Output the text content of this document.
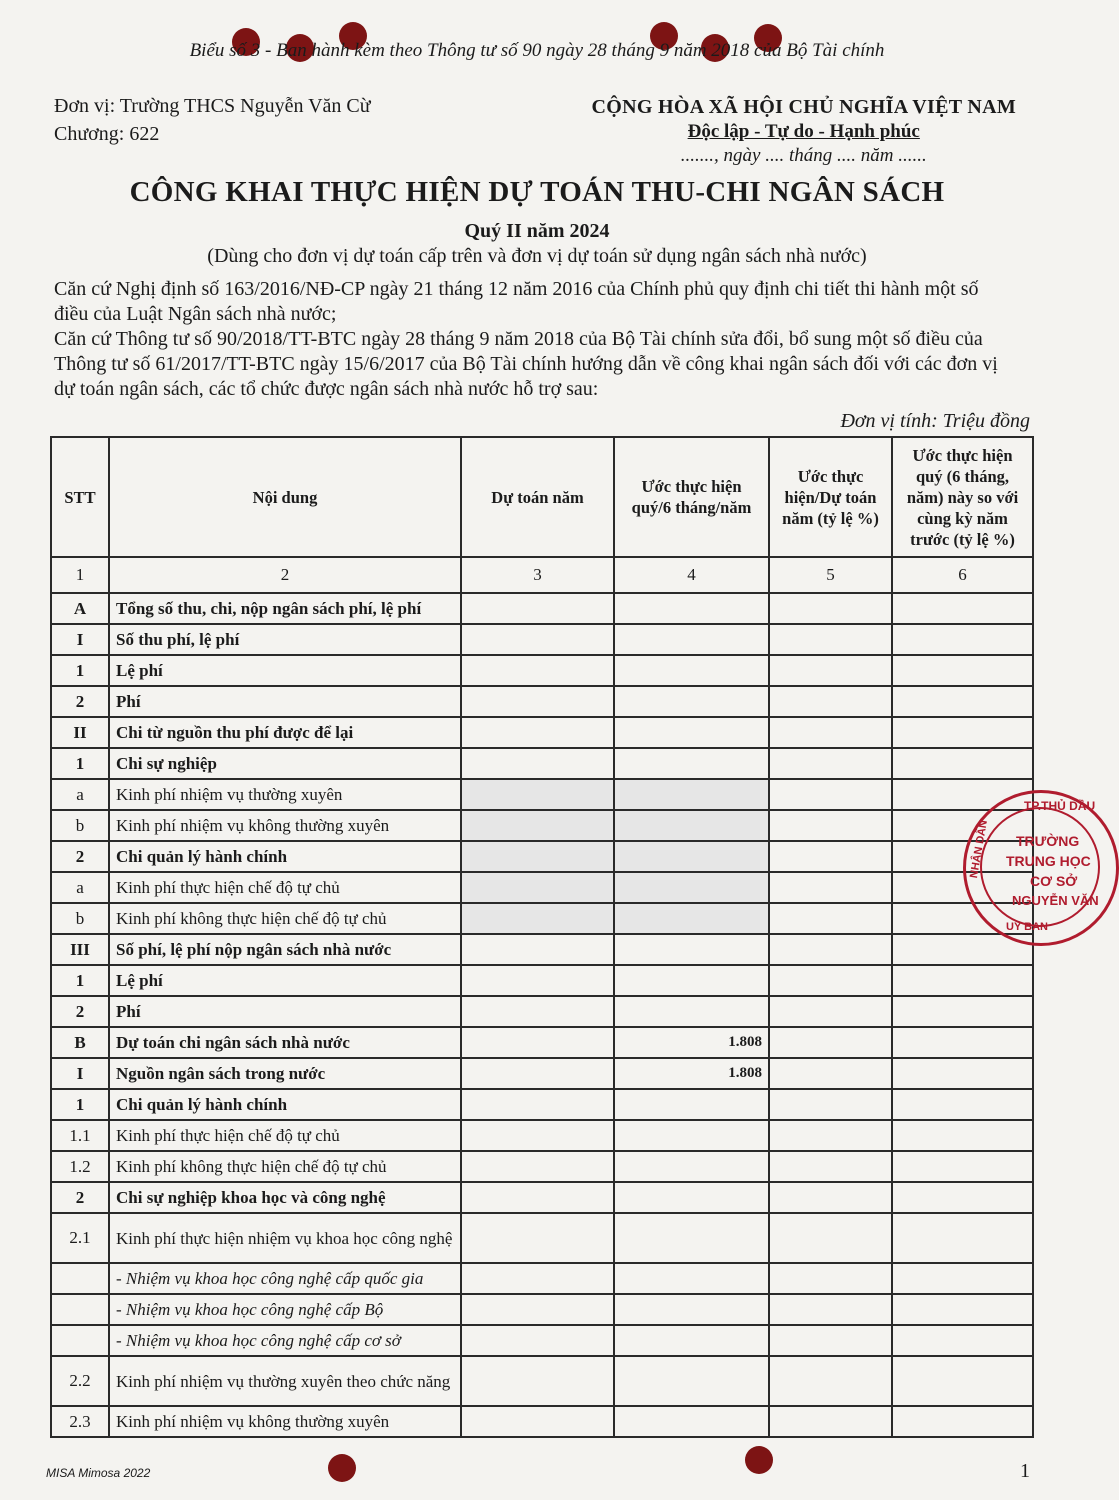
Biểu số 3 - Ban hành kèm theo Thông tư số 90 ngày 28 tháng 9 năm 2018 của Bộ Tài chính
Đơn vị: Trường THCS Nguyễn Văn Cừ
Chương: 622
CỘNG HÒA XÃ HỘI CHỦ NGHĨA VIỆT NAM
Độc lập - Tự do - Hạnh phúc
......., ngày .... tháng .... năm ......
CÔNG KHAI THỰC HIỆN DỰ TOÁN THU-CHI NGÂN SÁCH
Quý II năm 2024
(Dùng cho đơn vị dự toán cấp trên và đơn vị dự toán sử dụng ngân sách nhà nước)
Căn cứ Nghị định số 163/2016/NĐ-CP ngày 21 tháng 12 năm 2016 của Chính phủ quy định chi tiết thi hành một số điều của Luật Ngân sách nhà nước;
Căn cứ Thông tư số 90/2018/TT-BTC ngày 28 tháng 9 năm 2018 của Bộ Tài chính sửa đổi, bổ sung một số điều của Thông tư số 61/2017/TT-BTC ngày 15/6/2017 của Bộ Tài chính hướng dẫn về công khai ngân sách đối với các đơn vị dự toán ngân sách, các tổ chức được ngân sách nhà nước hỗ trợ sau:
Đơn vị tính: Triệu đồng
STT	Nội dung	Dự toán năm	Ước thực hiện quý/6 tháng/năm	Ước thực hiện/Dự toán năm (tỷ lệ %)	Ước thực hiện quý (6 tháng, năm) này so với cùng kỳ năm trước (tỷ lệ %)
1	2	3	4	5	6
A	Tổng số thu, chi, nộp ngân sách phí, lệ phí				
I	Số thu phí, lệ phí				
1	Lệ phí				
2	Phí				
II	Chi từ nguồn thu phí được để lại				
1	Chi sự nghiệp				
a	Kinh phí nhiệm vụ thường xuyên				
b	Kinh phí nhiệm vụ không thường xuyên				
2	Chi quản lý hành chính				
a	Kinh phí thực hiện chế độ tự chủ				
b	Kinh phí không thực hiện chế độ tự chủ				
III	Số phí, lệ phí nộp ngân sách nhà nước				
1	Lệ phí				
2	Phí				
B	Dự toán chi ngân sách nhà nước		1.808		
I	Nguồn ngân sách trong nước		1.808		
1	Chi quản lý hành chính				
1.1	Kinh phí thực hiện chế độ tự chủ				
1.2	Kinh phí không thực hiện chế độ tự chủ				
2	Chi sự nghiệp khoa học và công nghệ				
2.1	Kinh phí thực hiện nhiệm vụ khoa học công nghệ				
	- Nhiệm vụ khoa học công nghệ cấp quốc gia				
	- Nhiệm vụ khoa học công nghệ cấp Bộ				
	- Nhiệm vụ khoa học công nghệ cấp cơ sở				
2.2	Kinh phí nhiệm vụ thường xuyên theo chức năng				
2.3	Kinh phí nhiệm vụ không thường xuyên				
TP.THỦ DẦU
NHÂN DÂN
UY BAN
TRƯỜNG
TRUNG HỌC
CƠ SỞ
NGUYỄN VĂN
MISA Mimosa 2022	1
